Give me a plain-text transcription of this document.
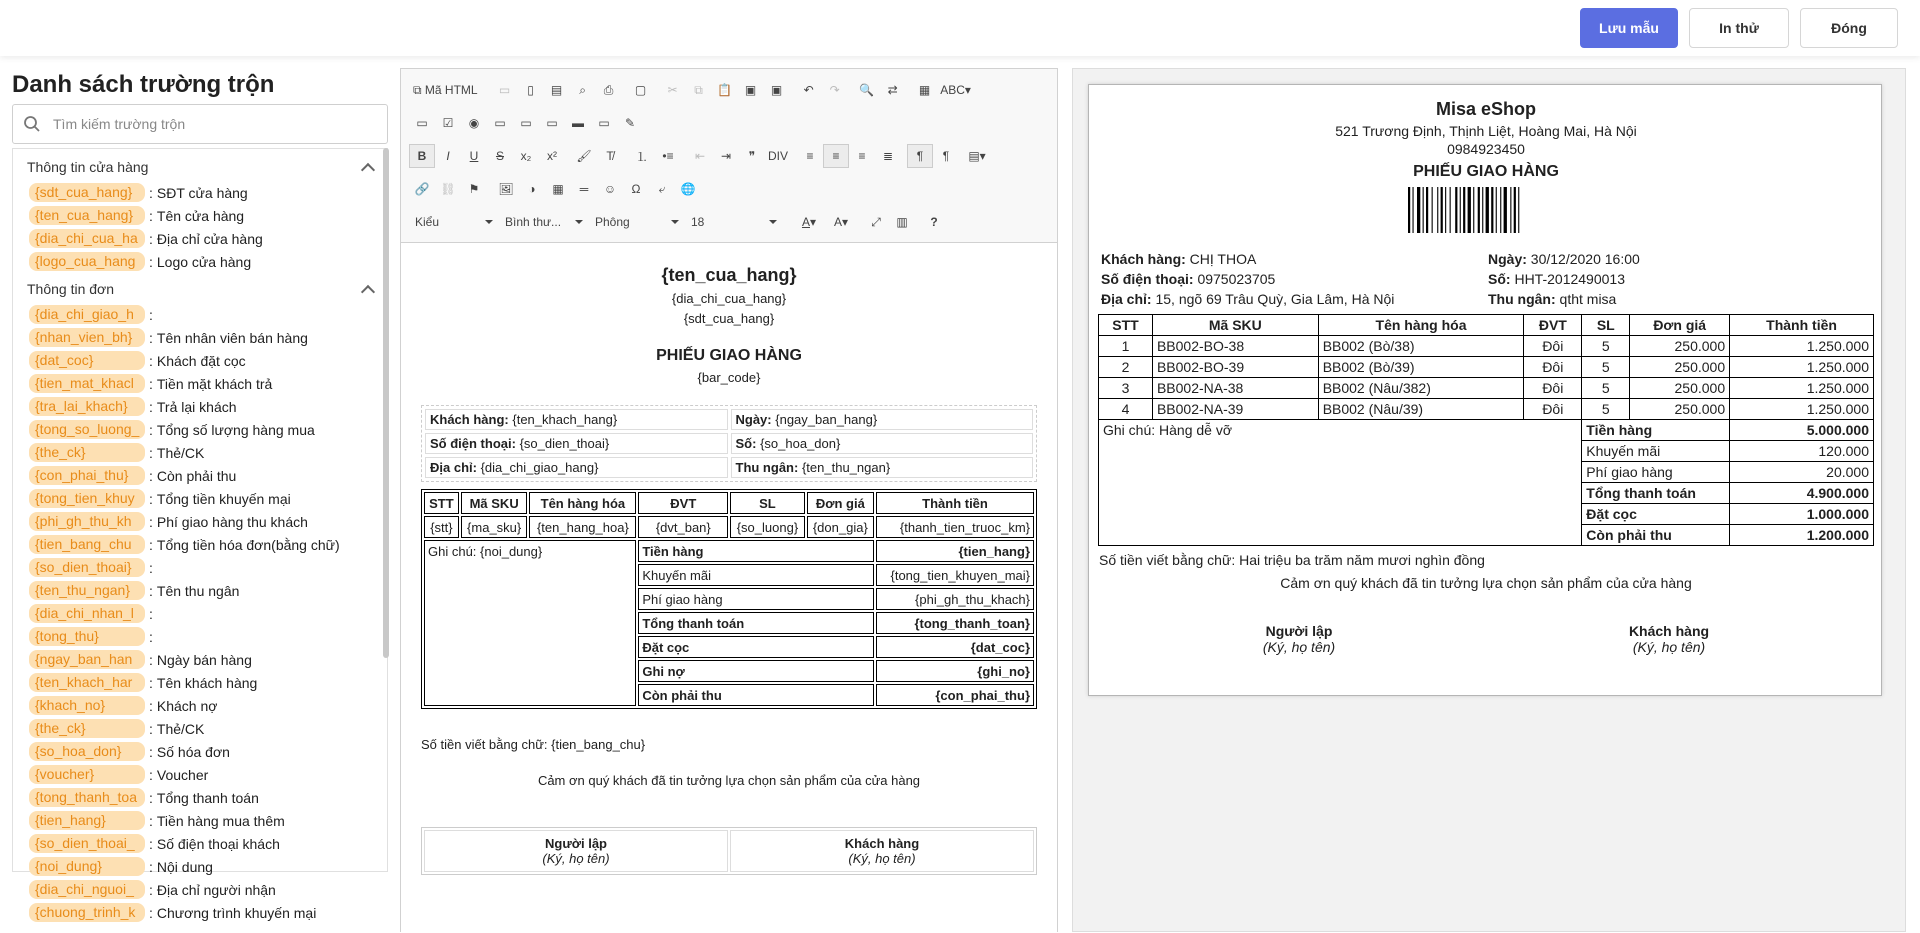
Lưu mẫu	In thử	Đóng
Danh sách trường trộn
Tìm kiếm trường trộn
Thông tin cửa hàng
{sdt_cua_hang}	: SĐT cửa hàng
{ten_cua_hang}	: Tên cửa hàng
{dia_chi_cua_ha : Địa chỉ cửa hàng
{logo_cua_hang : Logo cửa hàng
Thông tin đơn
{dia_chi_giao_h	:
{nhan_vien_bh}	: Tên nhân viên bán hàng
{dat_coc}	: Khách đặt cọc
{tien_mat_khacl	: Tiền mặt khách trả
{tra_lai_khach}	: Trả lại khách
{tong_so_luong_ : Tổng số lượng hàng mua
{the_ck}	: Thẻ/CK
{con_phai_thu}	: Còn phải thu
{tong_tien_khuy	: Tổng tiền khuyến mại
{phi_gh_thu_kh	: Phí giao hàng thu khách
{tien_bang_chu	: Tổng tiền hóa đơn(bằng chữ)
{so_dien_thoai}	:
{ten_thu_ngan}	: Tên thu ngân
{dia_chi_nhan_l	:
{tong_thu}	:
{ngay_ban_han	: Ngày bán hàng
{ten_khach_har	: Tên khách hàng
{khach_no}	: Khách nợ
{the_ck}	: Thẻ/CK
{so_hoa_don}	: Số hóa đơn
{voucher}	: Voucher
{tong_thanh_toa : Tổng thanh toán
{tien_hang}	: Tiền hàng mua thêm
{so_dien_thoai_	: Số điện thoại khách
{noi_dung}	: Nội dung
{dia_chi_nguoi_	: Địa chỉ người nhận
{chuong_trinh_k : Chương trình khuyến mại
⧉
Mã HTML	▭	▯	▤	⌕	⎙	▢	✂	⧉	📋	▣	▣	↶	↷	🔍	⇄	▦ ABC▾
▭	☑	◉	▭	▭	▭	▬	▭	✎
B	I	U	S	x₂	x²	🖌	T̸	⒈	•≡	⇤	⇥	❞	DIV	≡	≡	≡	≣	¶	¶	▤▾
🔗 ⛓	⚑	🖼	◑	▦	═	☺	Ω	⤶	🌐
Kiểu	Bình thư...	Phông	18	A ▾	A▾	⤢	▥	?
{ten_cua_hang}
{dia_chi_cua_hang}
{sdt_cua_hang}
PHIẾU GIAO HÀNG
{bar_code}
Khách hàng: {ten_khach_hang}	Ngày: {ngay_ban_hang}
Số điện thoại: {so_dien_thoai}	Số: {so_hoa_don}
Địa chỉ: {dia_chi_giao_hang}	Thu ngân: {ten_thu_ngan}
STT	Mã SKU	Tên hàng hóa	ĐVT	SL	Đơn giá	Thành tiền
{stt}	{ma_sku}	{ten_hang_hoa}	{dvt_ban}	{so_luong}	{don_gia}	{thanh_tien_truoc_km}
Ghi chú: {noi_dung}			Tiền hàng			{tien_hang}
			Khuyến mãi			{tong_tien_khuyen_mai}
			Phí giao hàng			{phi_gh_thu_khach}
			Tổng thanh toán			{tong_thanh_toan}
			Đặt cọc			{dat_coc}
			Ghi nợ			{ghi_no}
			Còn phải thu			{con_phai_thu}
Số tiền viết bằng chữ: {tien_bang_chu}
Cảm ơn quý khách đã tin tưởng lựa chọn sản phẩm của cửa hàng
Người lập
(Ký, họ tên)	Khách hàng
(Ký, họ tên)
Misa eShop
521 Trương Định, Thịnh Liệt, Hoàng Mai, Hà Nội
0984923450
PHIẾU GIAO HÀNG
Khách hàng: CHỊ THOA	Ngày: 30/12/2020 16:00
Số điện thoại: 0975023705	Số: HHT-2012490013
Địa chỉ: 15, ngõ 69 Trâu Quỳ, Gia Lâm, Hà Nội	Thu ngân: qtht misa
STT	Mã SKU	Tên hàng hóa	ĐVT	SL	Đơn giá	Thành tiền
1	BB002-BO-38	BB002 (Bò/38)	Đôi	5	250.000	1.250.000
2	BB002-BO-39	BB002 (Bò/39)	Đôi	5	250.000	1.250.000
3	BB002-NA-38	BB002 (Nâu/382)	Đôi	5	250.000	1.250.000
4	BB002-NA-39	BB002 (Nâu/39)	Đôi	5	250.000	1.250.000
Ghi chú: Hàng dễ vỡ				Tiền hàng		5.000.000
				Khuyến mãi		120.000
				Phí giao hàng		20.000
				Tổng thanh toán		4.900.000
				Đặt cọc		1.000.000
				Còn phải thu		1.200.000
Số tiền viết bằng chữ: Hai triệu ba trăm năm mươi nghìn đồng
Cảm ơn quý khách đã tin tưởng lựa chọn sản phẩm của cửa hàng
Người lập
(Ký, họ tên)
Khách hàng
(Ký, họ tên)
